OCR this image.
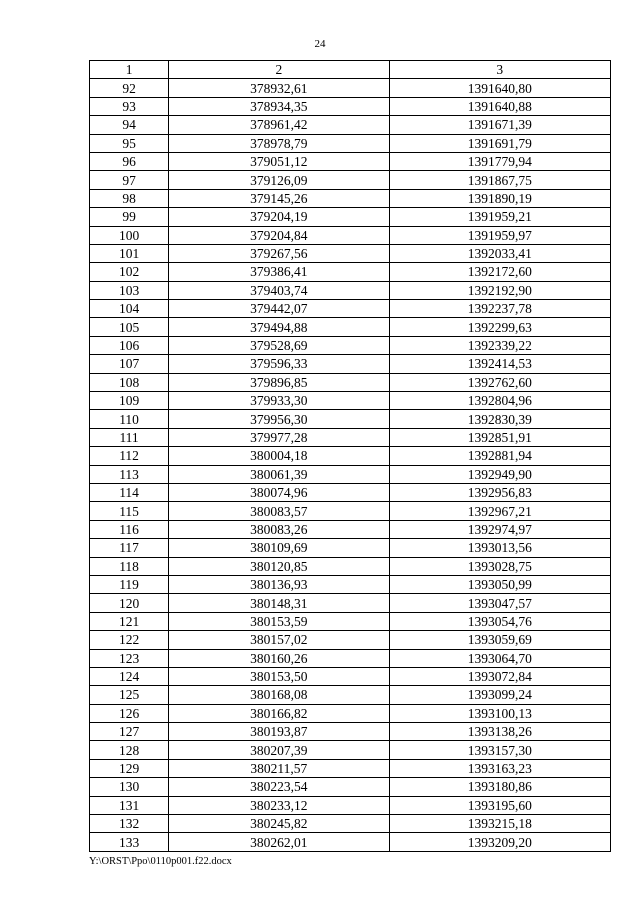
24
1	2	3
92	378932,61	1391640,80
93	378934,35	1391640,88
94	378961,42	1391671,39
95	378978,79	1391691,79
96	379051,12	1391779,94
97	379126,09	1391867,75
98	379145,26	1391890,19
99	379204,19	1391959,21
100	379204,84	1391959,97
101	379267,56	1392033,41
102	379386,41	1392172,60
103	379403,74	1392192,90
104	379442,07	1392237,78
105	379494,88	1392299,63
106	379528,69	1392339,22
107	379596,33	1392414,53
108	379896,85	1392762,60
109	379933,30	1392804,96
110	379956,30	1392830,39
111	379977,28	1392851,91
112	380004,18	1392881,94
113	380061,39	1392949,90
114	380074,96	1392956,83
115	380083,57	1392967,21
116	380083,26	1392974,97
117	380109,69	1393013,56
118	380120,85	1393028,75
119	380136,93	1393050,99
120	380148,31	1393047,57
121	380153,59	1393054,76
122	380157,02	1393059,69
123	380160,26	1393064,70
124	380153,50	1393072,84
125	380168,08	1393099,24
126	380166,82	1393100,13
127	380193,87	1393138,26
128	380207,39	1393157,30
129	380211,57	1393163,23
130	380223,54	1393180,86
131	380233,12	1393195,60
132	380245,82	1393215,18
133	380262,01	1393209,20
Y:\ORST\Ppo\0110p001.f22.docx
